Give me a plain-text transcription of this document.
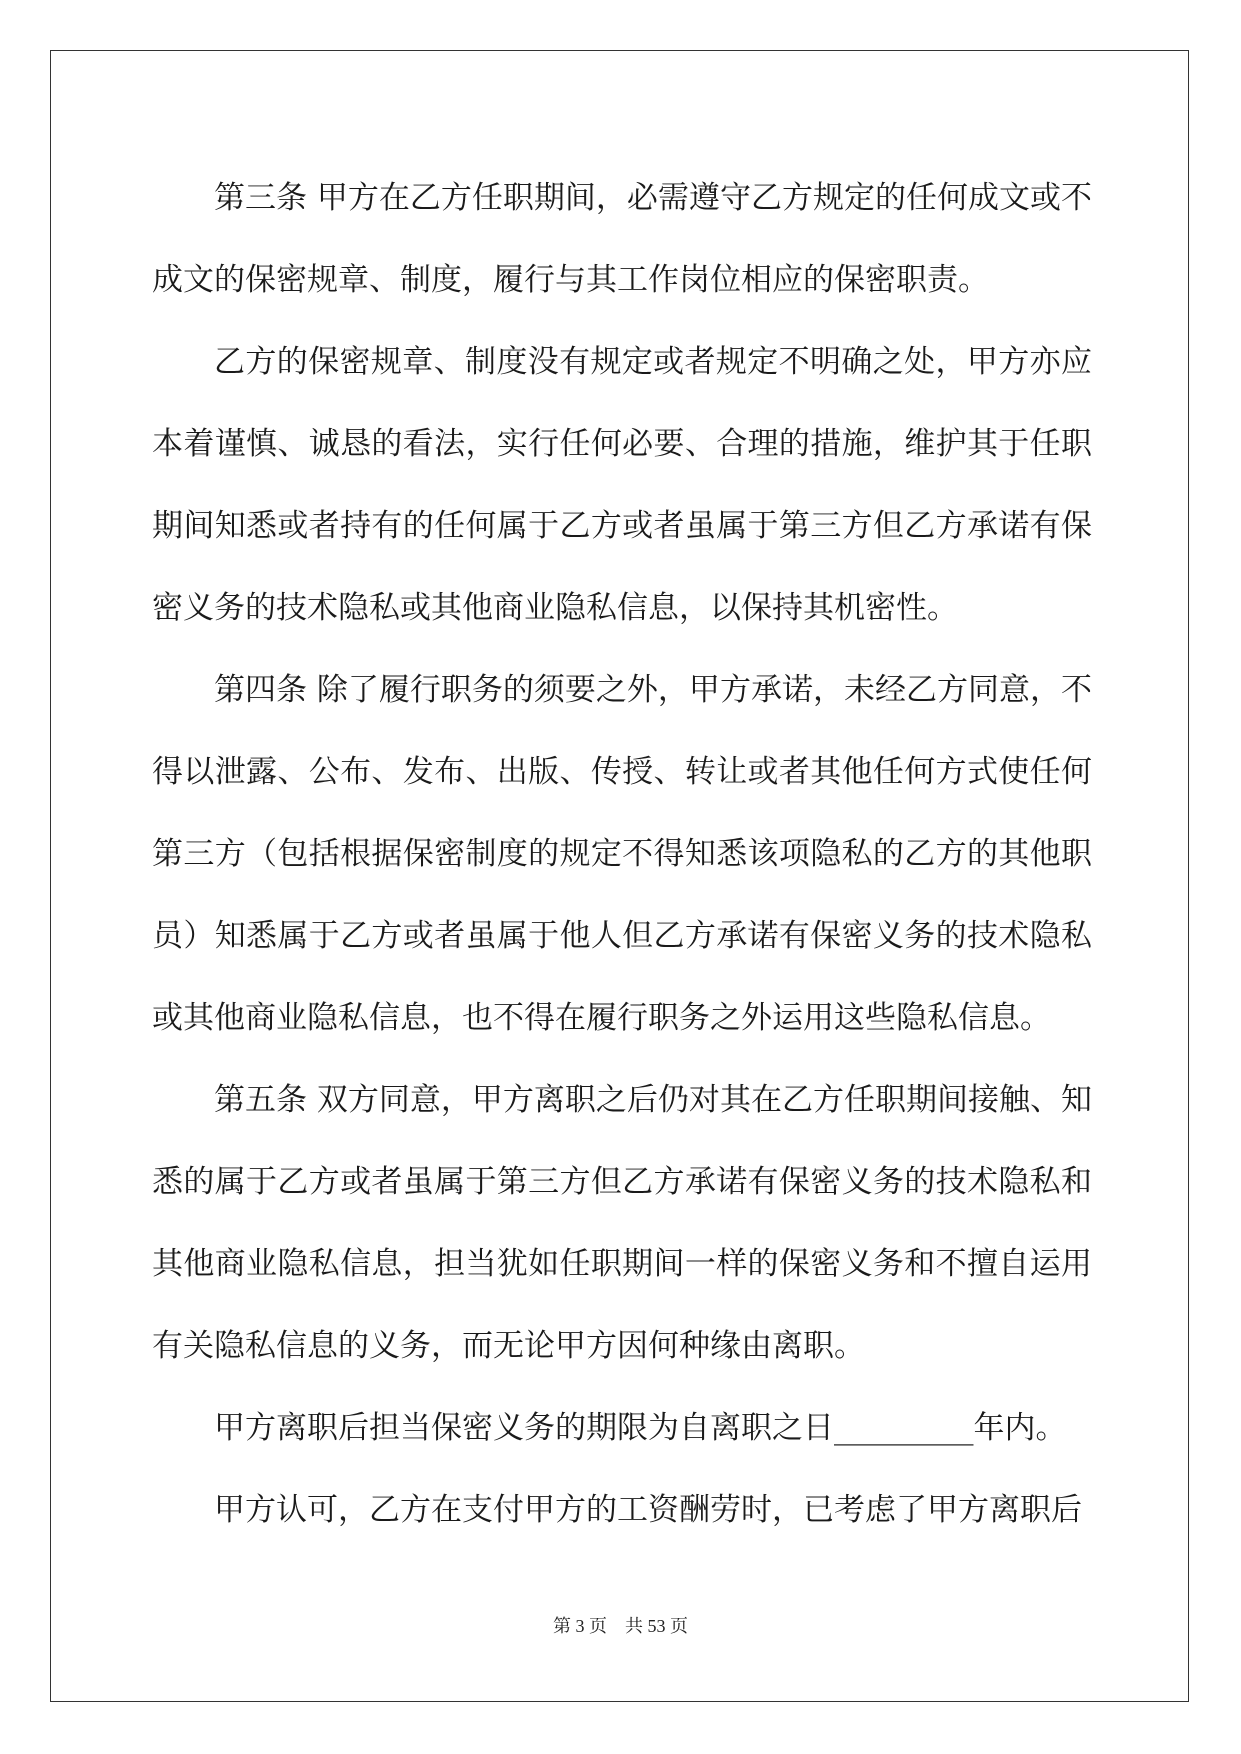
第三条 甲方在乙方任职期间，必需遵守乙方规定的任何成文或不成文的保密规章、制度，履行与其工作岗位相应的保密职责。

乙方的保密规章、制度没有规定或者规定不明确之处，甲方亦应本着谨慎、诚恳的看法，实行任何必要、合理的措施，维护其于任职期间知悉或者持有的任何属于乙方或者虽属于第三方但乙方承诺有保密义务的技术隐私或其他商业隐私信息，以保持其机密性。

第四条 除了履行职务的须要之外，甲方承诺，未经乙方同意，不得以泄露、公布、发布、出版、传授、转让或者其他任何方式使任何第三方（包括根据保密制度的规定不得知悉该项隐私的乙方的其他职员）知悉属于乙方或者虽属于他人但乙方承诺有保密义务的技术隐私或其他商业隐私信息，也不得在履行职务之外运用这些隐私信息。

第五条 双方同意，甲方离职之后仍对其在乙方任职期间接触、知悉的属于乙方或者虽属于第三方但乙方承诺有保密义务的技术隐私和其他商业隐私信息，担当犹如任职期间一样的保密义务和不擅自运用有关隐私信息的义务，而无论甲方因何种缘由离职。

甲方离职后担当保密义务的期限为自离职之日_________年内。

甲方认可，乙方在支付甲方的工资酬劳时，已考虑了甲方离职后

第 3 页    共 53 页
